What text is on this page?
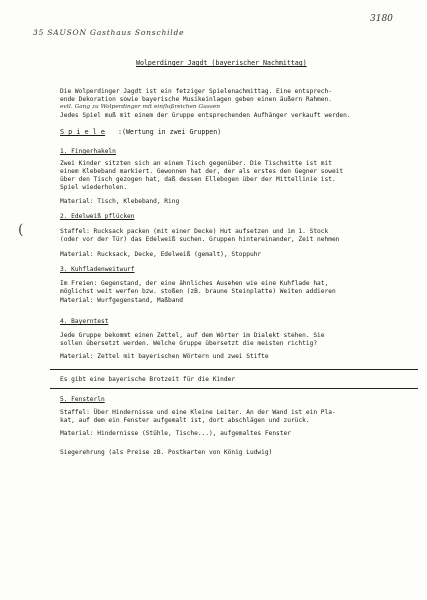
3180
35 SAUSON Gasthaus Sonschilde
Wolperdinger Jagdt (bayerischer Nachmittag)
Die Wolperdinger Jagdt ist ein fetziger Spielenachmittag. Eine entsprech-
ende Dekoration sowie bayerische Musikeinlagen geben einen äußern Rahmen.
evtl. Gang zu Wolperdinger mit einflußreichen Gussen
Jedes Spiel muß mit einem der Gruppe entsprechenden Aufhänger verkauft werden.
S p i e l e :(Wertung in zwei Gruppen)
1. Fingerhakeln
Zwei Kinder sitzten sich an einem Tisch gegenüber. Die Tischmitte ist mit
einem Klebeband markiert. Gewonnen hat der, der als erstes den Gegner soweit
über den Tisch gezogen hat, daß dessen Ellebogen über der Mittellinie ist.
Spiel wiederholen.
Material: Tisch, Klebeband, Ring
2. Edelweiß pflücken
Staffel: Rucksack packen (mit einer Decke) Hut aufsetzen und im 1. Stock
(oder vor der Tür) das Edelweiß suchen. Gruppen hintereinander, Zeit nehmen
Material: Rucksack, Decke, Edelweiß (gemalt), Stoppuhr
(
3. Kuhfladenweitwurf
Im Freien: Gegenstand, der eine ähnliches Ausehen wie eine Kuhflade hat,
möglichst weit werfen bzw. stoßen (zB. braune Steinplatte) Weiten addieren
Material: Wurfgegenstand, Maßband
4. Bayerntest
Jede Gruppe bekommt einen Zettel, auf dem Wörter im Dialekt stehen. Sie
sollen übersetzt werden. Welche Gruppe übersetzt die meisten richtig?
Material: Zettel mit bayerischen Wörtern und zwei Stifte
Es gibt eine bayerische Brotzeit für die Kinder
5. Fensterln
Staffel: Über Hindernisse und eine Kleine Leiter. An der Wand ist ein Pla-
kat, auf dem ein Fenster aufgemalt ist, dort abschlägen und zurück.
Material: Hindernisse (Stühle, Tische...), aufgemaltes Fenster
Siegerehrung (als Preise zB. Postkarten von König Ludwig)
